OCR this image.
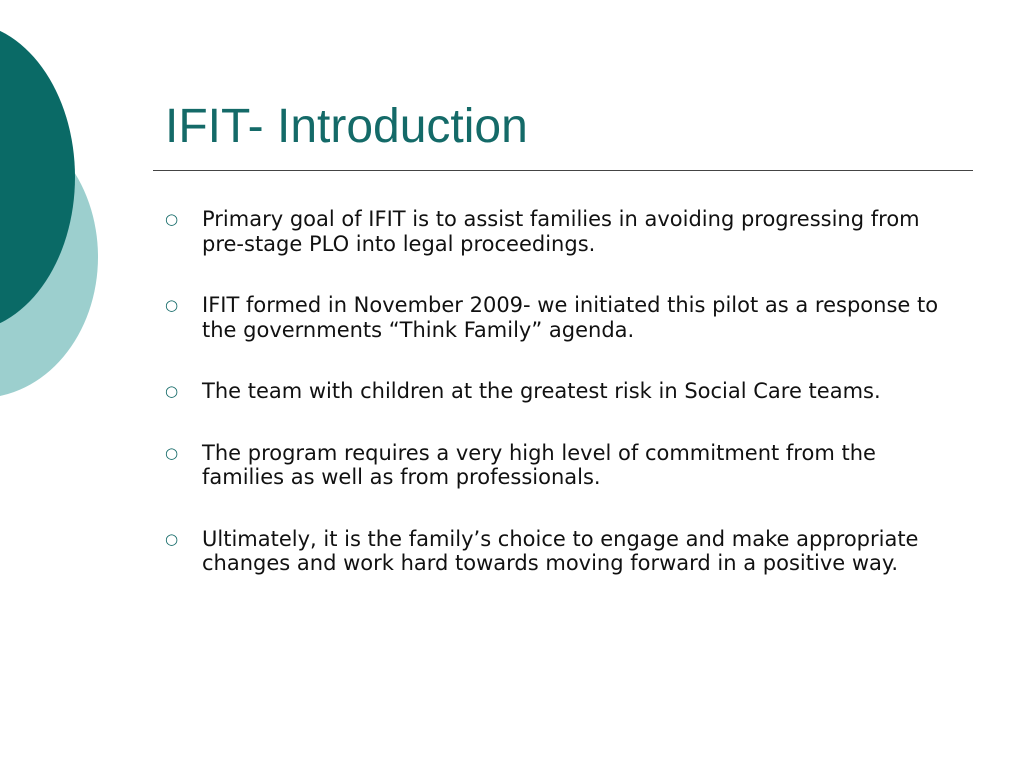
IFIT- Introduction
○	Primary goal of IFIT is to assist families in avoiding progressing from pre-stage PLO into legal proceedings.
○	IFIT formed in November 2009- we initiated this pilot as a response to the governments “Think Family” agenda.
○	The team with children at the greatest risk in Social Care teams.
○	The program requires a very high level of commitment from the families as well as from professionals.
○	Ultimately, it is the family’s choice to engage and make appropriate changes and work hard towards moving forward in a positive way.
